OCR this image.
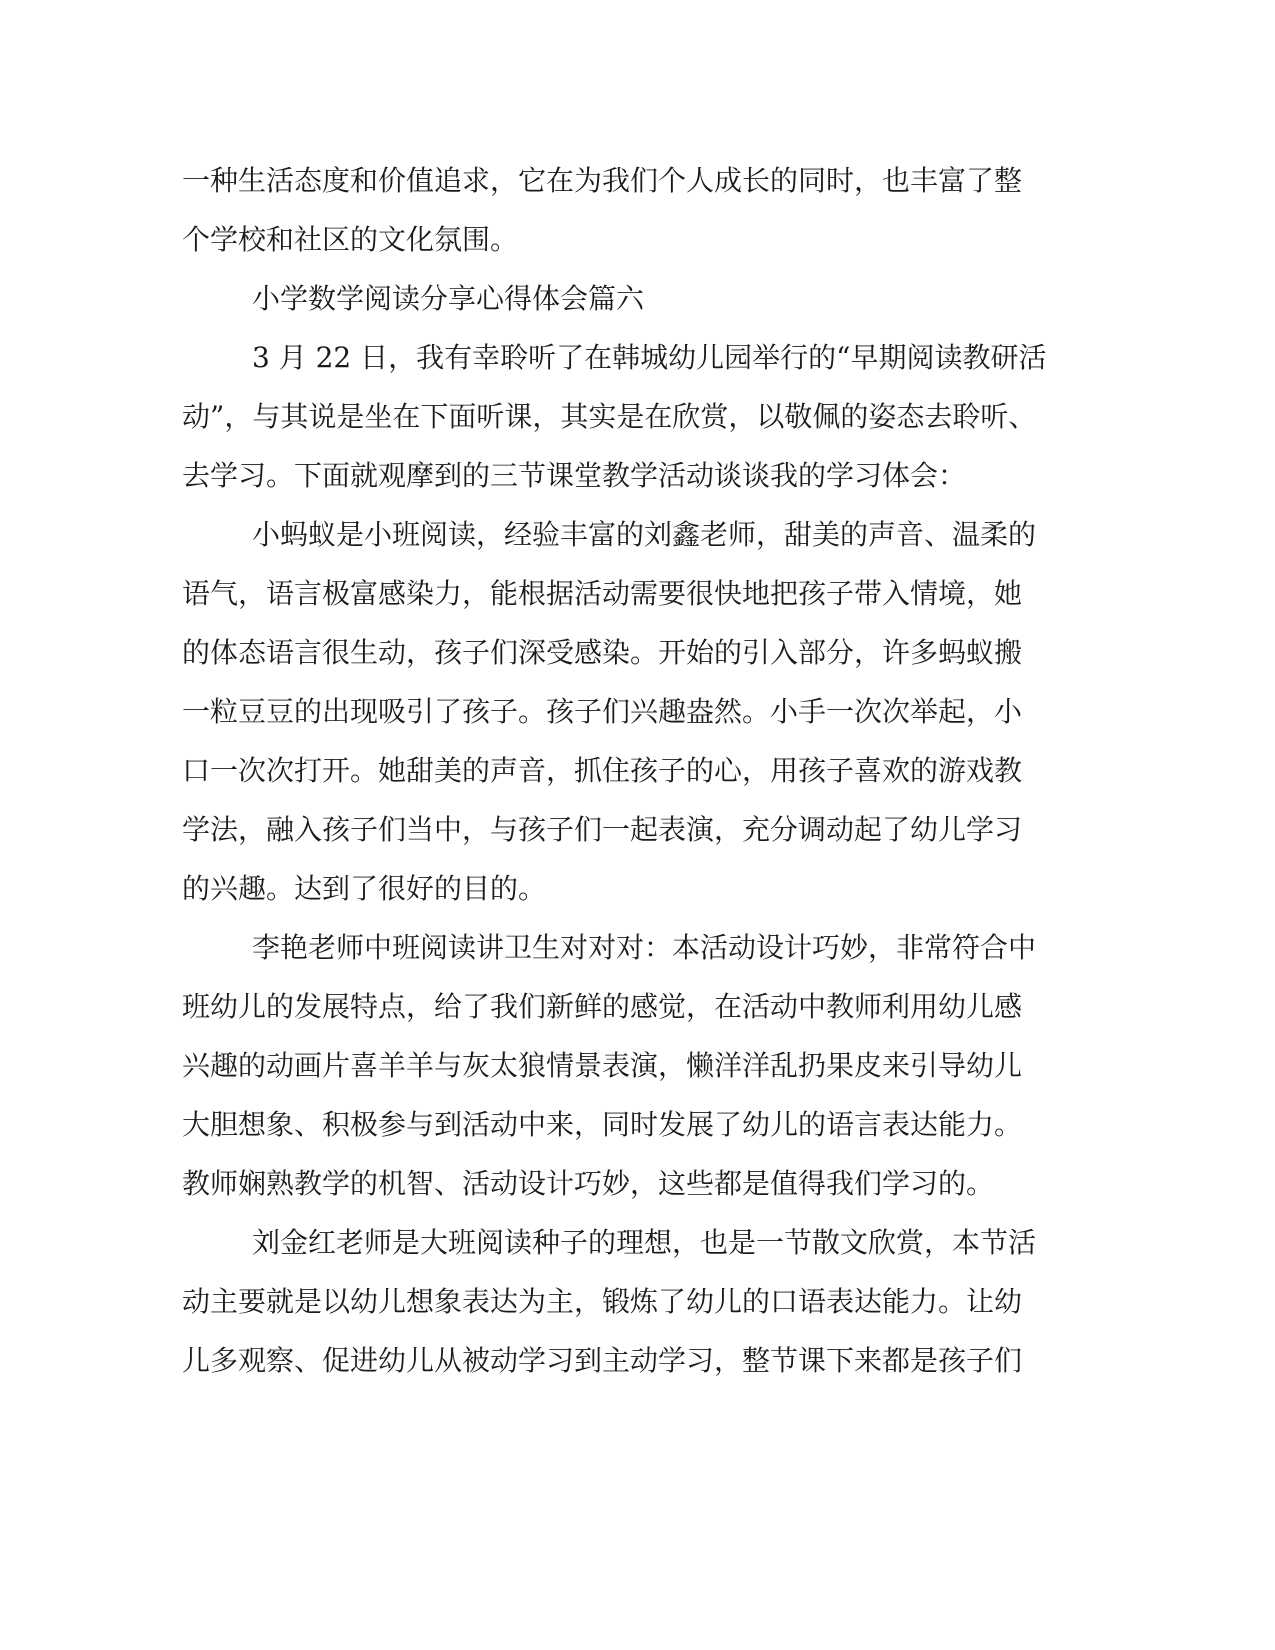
一种生活态度和价值追求，它在为我们个人成长的同时，也丰富了整
个学校和社区的文化氛围。
小学数学阅读分享心得体会篇六
3 月 22 日，我有幸聆听了在韩城幼儿园举行的“早期阅读教研活
动”，与其说是坐在下面听课，其实是在欣赏，以敬佩的姿态去聆听、
去学习。下面就观摩到的三节课堂教学活动谈谈我的学习体会：
小蚂蚁是小班阅读，经验丰富的刘鑫老师，甜美的声音、温柔的
语气，语言极富感染力，能根据活动需要很快地把孩子带入情境，她
的体态语言很生动，孩子们深受感染。开始的引入部分，许多蚂蚁搬
一粒豆豆的出现吸引了孩子。孩子们兴趣盎然。小手一次次举起，小
口一次次打开。她甜美的声音，抓住孩子的心，用孩子喜欢的游戏教
学法，融入孩子们当中，与孩子们一起表演，充分调动起了幼儿学习
的兴趣。达到了很好的目的。
李艳老师中班阅读讲卫生对对对：本活动设计巧妙，非常符合中
班幼儿的发展特点，给了我们新鲜的感觉，在活动中教师利用幼儿感
兴趣的动画片喜羊羊与灰太狼情景表演，懒洋洋乱扔果皮来引导幼儿
大胆想象、积极参与到活动中来，同时发展了幼儿的语言表达能力。
教师娴熟教学的机智、活动设计巧妙，这些都是值得我们学习的。
刘金红老师是大班阅读种子的理想，也是一节散文欣赏，本节活
动主要就是以幼儿想象表达为主，锻炼了幼儿的口语表达能力。让幼
儿多观察、促进幼儿从被动学习到主动学习，整节课下来都是孩子们
